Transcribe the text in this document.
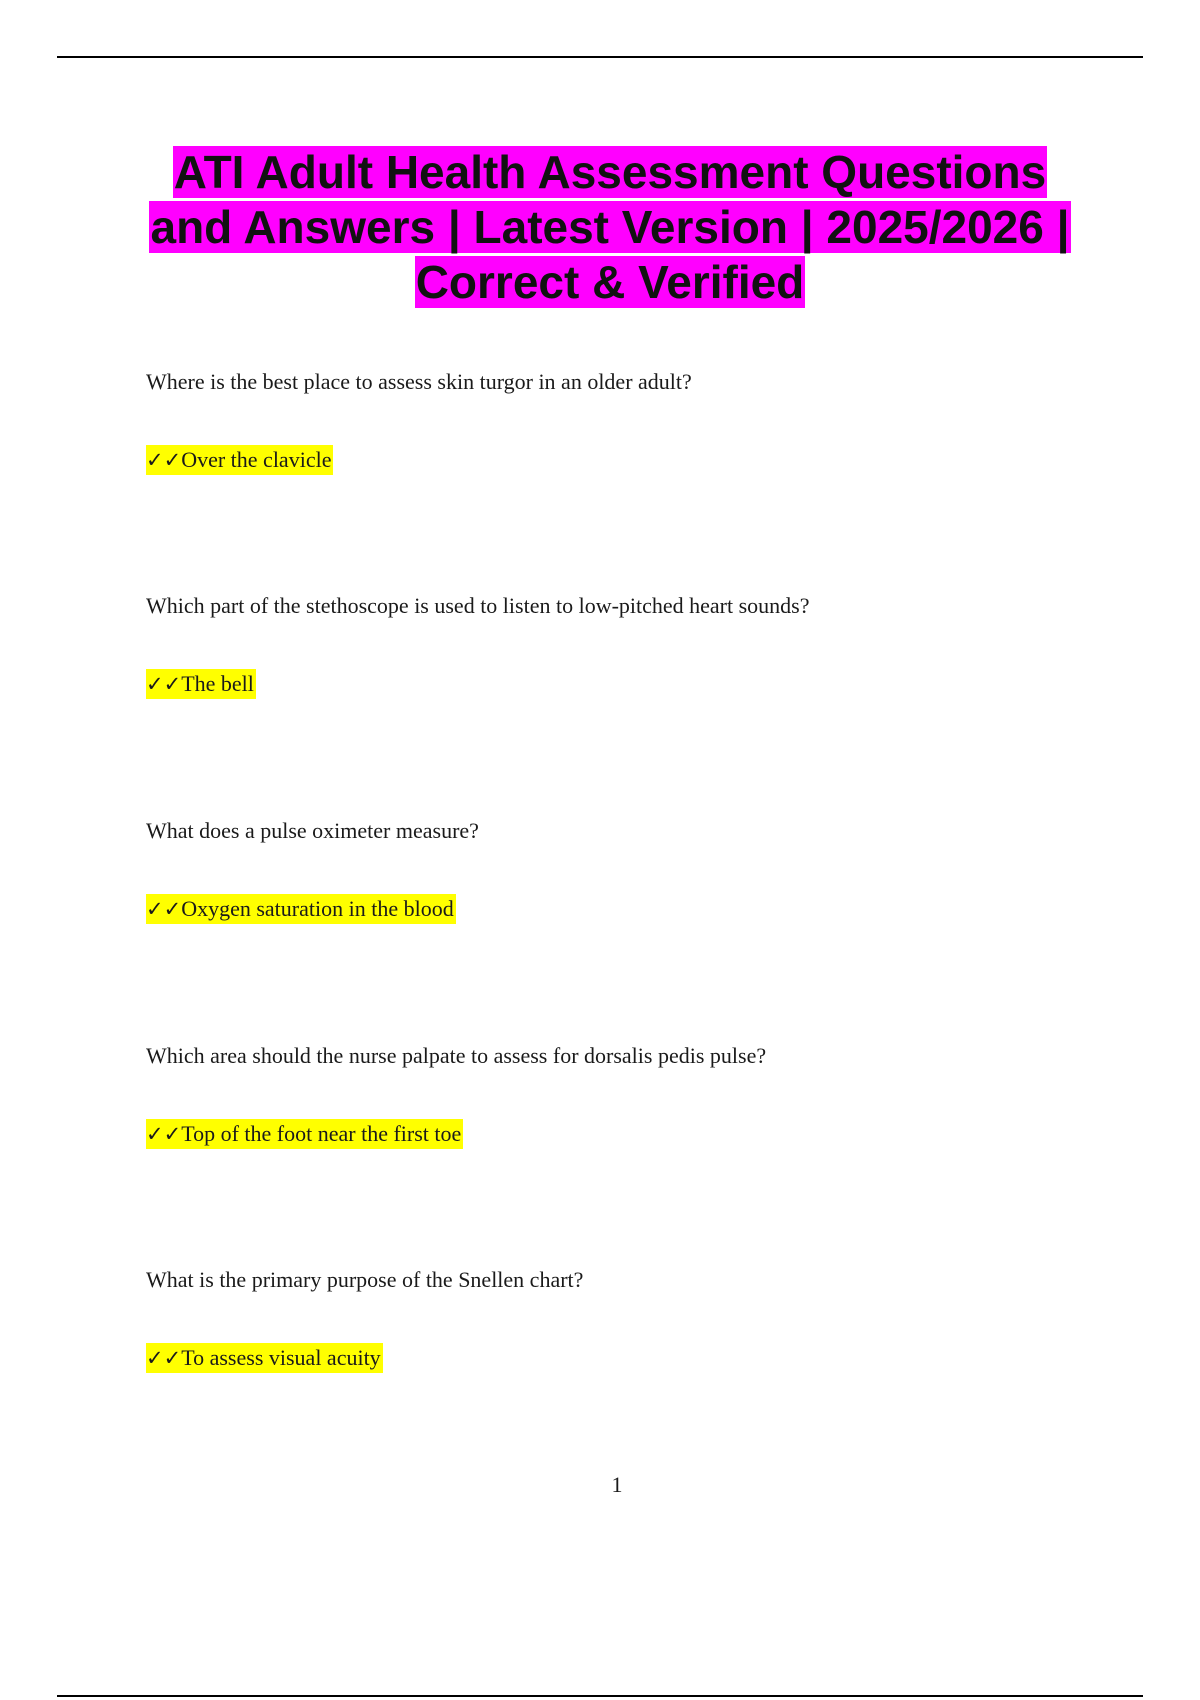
ATI Adult Health Assessment Questions and Answers | Latest Version | 2025/2026 | Correct & Verified

Where is the best place to assess skin turgor in an older adult?

✓✓Over the clavicle

Which part of the stethoscope is used to listen to low-pitched heart sounds?

✓✓The bell

What does a pulse oximeter measure?

✓✓Oxygen saturation in the blood

Which area should the nurse palpate to assess for dorsalis pedis pulse?

✓✓Top of the foot near the first toe

What is the primary purpose of the Snellen chart?

✓✓To assess visual acuity

1
